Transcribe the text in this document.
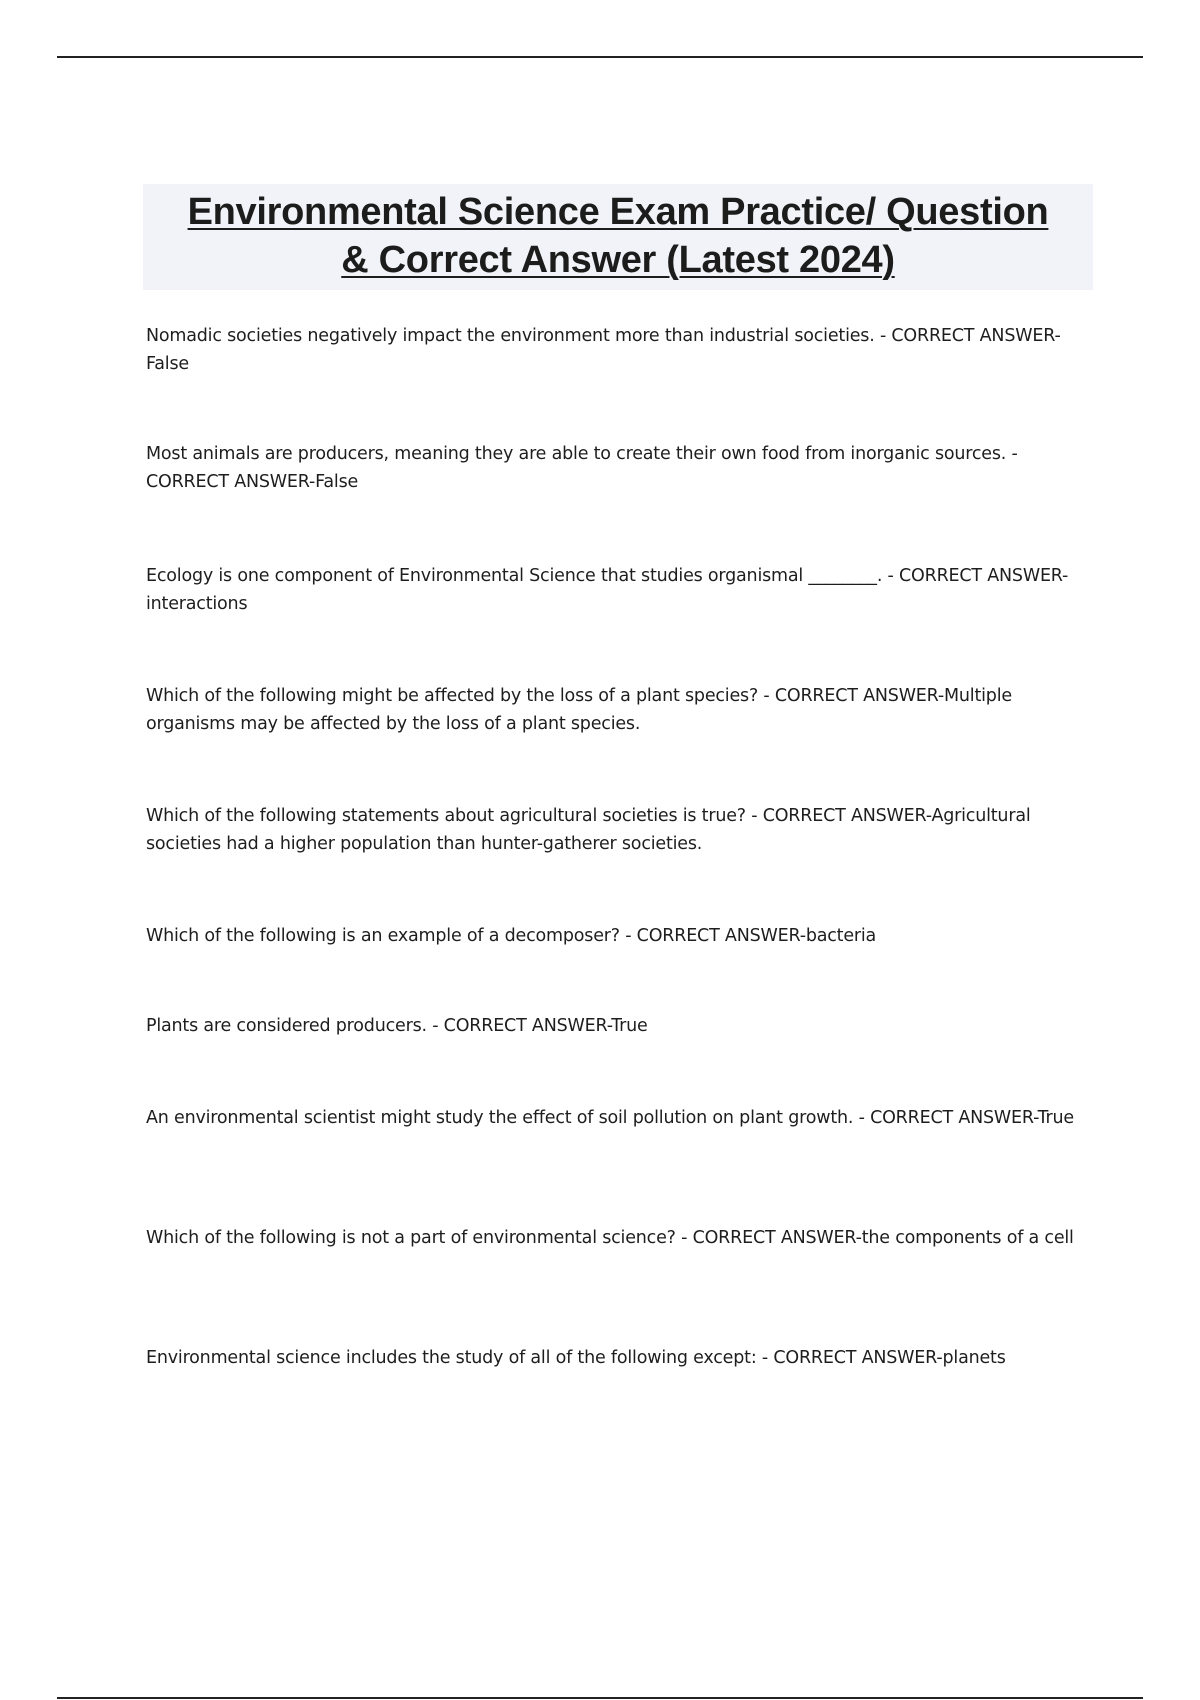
Environmental Science Exam Practice/ Question
& Correct Answer (Latest 2024)
Nomadic societies negatively impact the environment more than industrial societies. - CORRECT ANSWER-False
Most animals are producers, meaning they are able to create their own food from inorganic sources. - CORRECT ANSWER-False
Ecology is one component of Environmental Science that studies organismal ________. - CORRECT ANSWER-interactions
Which of the following might be affected by the loss of a plant species? - CORRECT ANSWER-Multiple organisms may be affected by the loss of a plant species.
Which of the following statements about agricultural societies is true? - CORRECT ANSWER-Agricultural societies had a higher population than hunter-gatherer societies.
Which of the following is an example of a decomposer? - CORRECT ANSWER-bacteria
Plants are considered producers. - CORRECT ANSWER-True
An environmental scientist might study the effect of soil pollution on plant growth. - CORRECT ANSWER-True
Which of the following is not a part of environmental science? - CORRECT ANSWER-the components of a cell
Environmental science includes the study of all of the following except: - CORRECT ANSWER-planets
